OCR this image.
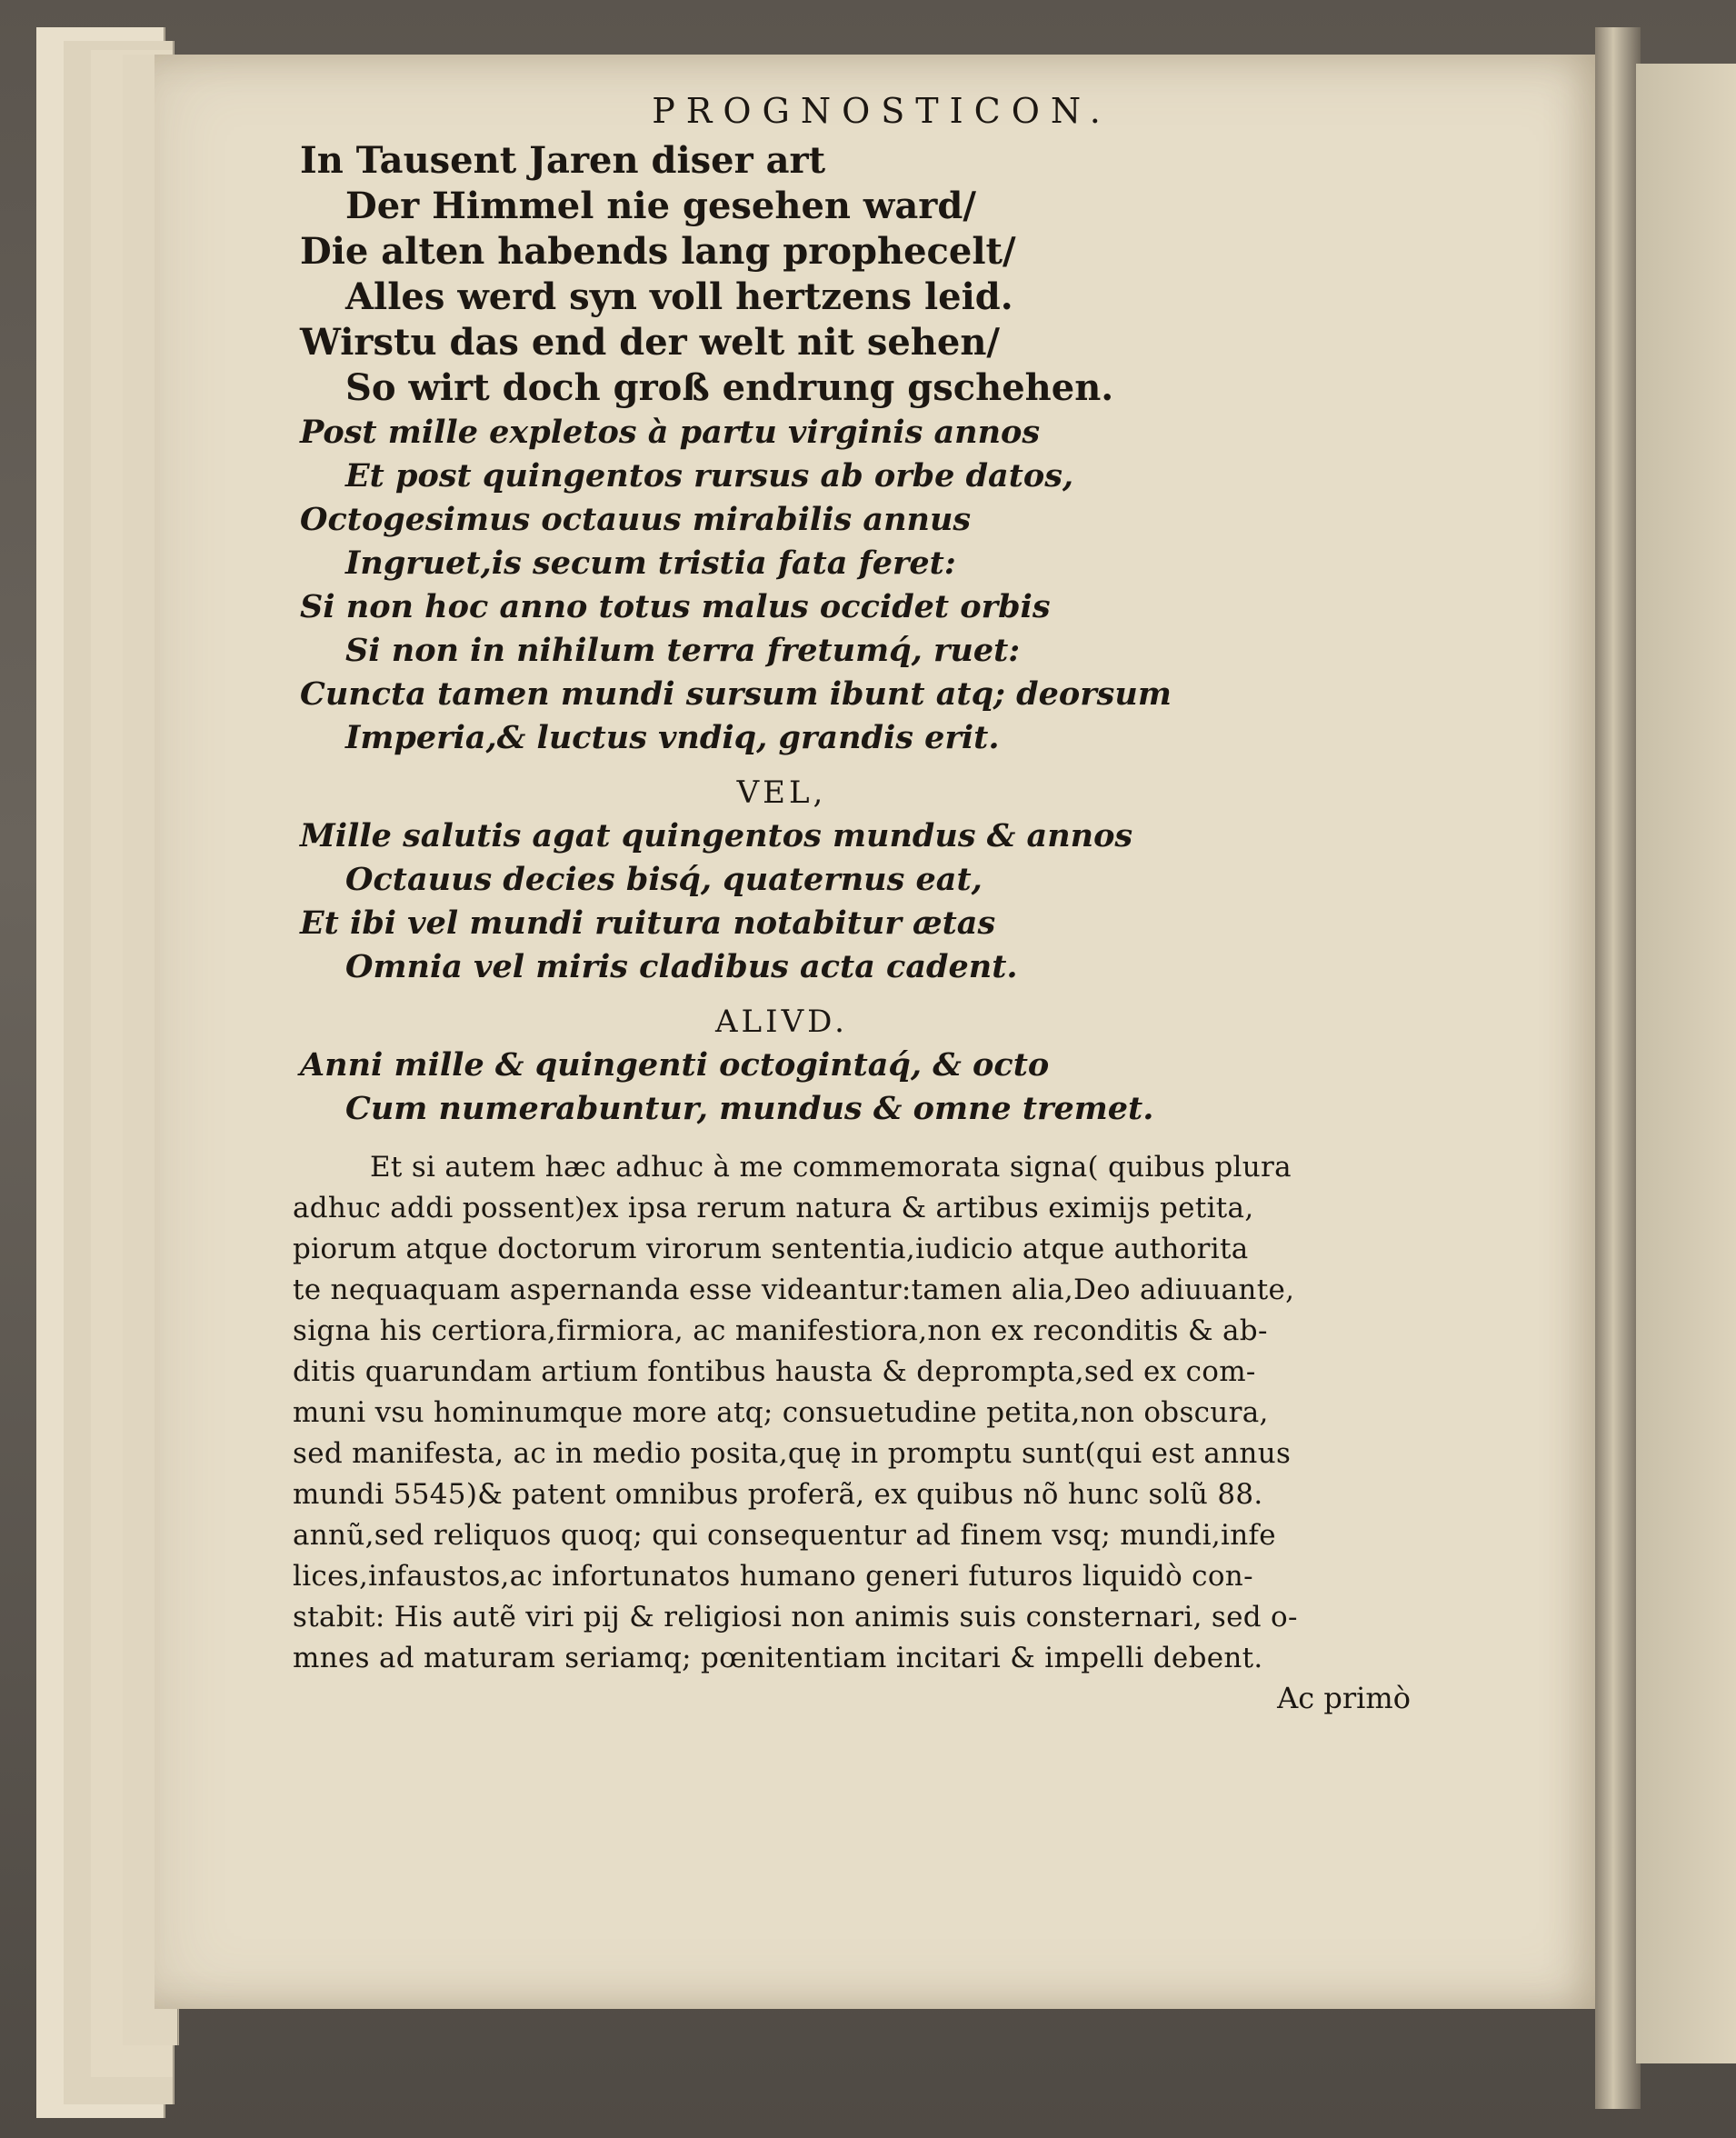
PROGNOSTICON.
In Tausent Jaren diser art
Der Himmel nie gesehen ward/
Die alten habends lang prophecelt/
Alles werd syn voll hertzens leid.
Wirstu das end der welt nit sehen/
So wirt doch groß endrung gschehen.
Post mille expletos à partu virginis annos
Et post quingentos rursus ab orbe datos,
Octogesimus octauus mirabilis annus
Ingruet,is secum tristia fata feret:
Si non hoc anno totus malus occidet orbis
Si non in nihilum terra fretumq́, ruet:
Cuncta tamen mundi sursum ibunt atq; deorsum
Imperia,& luctus vndiq, grandis erit.
VEL,
Mille salutis agat quingentos mundus & annos
Octauus decies bisq́, quaternus eat,
Et ibi vel mundi ruitura notabitur ætas
Omnia vel miris cladibus acta cadent.
ALIVD.
Anni mille & quingenti octogintaq́, & octo
Cum numerabuntur, mundus & omne tremet.
Et si autem hæc adhuc à me commemorata signa( quibus plura
adhuc addi possent)ex ipsa rerum natura & artibus eximijs petita,
piorum atque doctorum virorum sententia,iudicio atque authorita
te nequaquam aspernanda esse videantur:tamen alia,Deo adiuuante,
signa his certiora,firmiora, ac manifestiora,non ex reconditis & ab-
ditis quarundam artium fontibus hausta & deprompta,sed ex com-
muni vsu hominumque more atq; consuetudine petita,non obscura,
sed manifesta, ac in medio posita,quę in promptu sunt(qui est annus
mundi 5545)& patent omnibus proferã, ex quibus nõ hunc solũ 88.
annũ,sed reliquos quoq; qui consequentur ad finem vsq; mundi,infe
lices,infaustos,ac infortunatos humano generi futuros liquidò con-
stabit: His autẽ viri pij & religiosi non animis suis consternari, sed o-
mnes ad maturam seriamq; pœnitentiam incitari & impelli debent.
Ac primò
